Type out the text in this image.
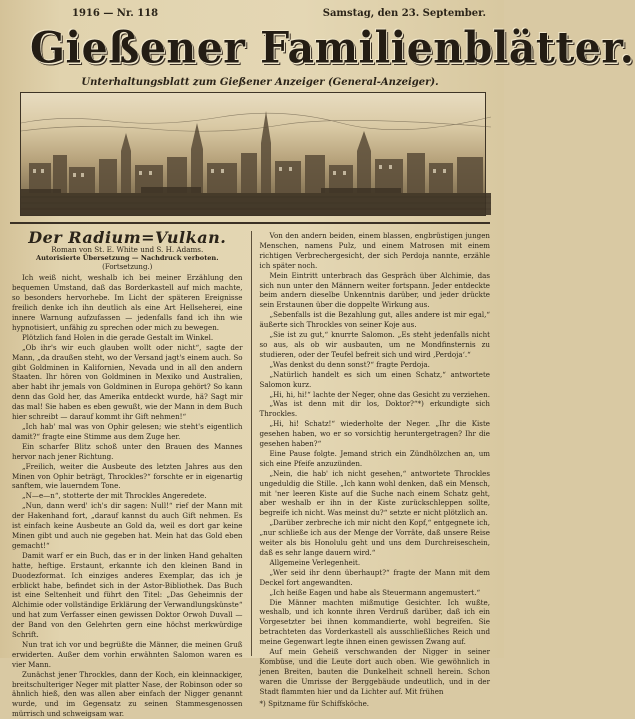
1916 — Nr. 118	Samstag, den 23. September.
Gießener Familienblätter.
Unterhaltungsblatt zum Gießener Anzeiger (General-Anzeiger).
Der Radium=Vulkan.
Roman von St. E. White und S. H. Adams.
Autorisierte Übersetzung — Nachdruck verboten.
(Fortsetzung.)

Ich weiß nicht, weshalb ich bei meiner Erzählung den bequemen Umstand, daß das Borderkastell auf mich machte, so besonders hervorhebe. Im Licht der späteren Ereignisse freilich denke ich ihn deutlich als eine Art Hellseherei, eine innere Warnung aufzufassen — jedenfalls fand ich ihn wie hypnotisiert, unfähig zu sprechen oder mich zu bewegen.

Plötzlich fand Holen in die gerade Gestalt im Winkel.

„Ob ihr's wir euch glauben wollt oder nicht“, sagte der Mann, „da draußen steht, wo der Versand jagt's einem auch. So gibt Goldminen in Kalifornien, Nevada und in all den andern Staaten. Ihr hören von Goldminen in Mexiko und Australien, aber habt ihr jemals von Goldminen in Europa gehört? So kann denn das Gold her, das Amerika entdeckt wurde, hä? Sagt mir das mal! Sie haben es eben gewußt, wie der Mann in dem Buch hier schreibt — darauf kommt ihr Gift nehmen!“

„Ich hab' mal was von Ophir gelesen; wie steht's eigentlich damit?“ fragte eine Stimme aus dem Zuge her.

Ein scharfer Blitz schoß unter den Brauen des Mannes hervor nach jener Richtung.

„Freilich, weiter die Ausbeute des letzten Jahres aus den Minen von Ophir beträgt, Throckles?“ forschte er in eigenartig sanftem, wie lauerndem Tone.

„N—e—n“, stotterte der mit Throckles Angeredete.

„Nun, dann werd' ich's dir sagen: Null!“ rief der Mann mit der Hakenhand fort, „darauf kannst du auch Gift nehmen. Es ist einfach keine Ausbeute an Gold da, weil es dort gar keine Minen gibt und auch nie gegeben hat. Mein hat das Gold eben gemacht!“

Damit warf er ein Buch, das er in der linken Hand gehalten hatte, heftige. Erstaunt, erkannte ich den kleinen Band in Duodezformat. Ich einziges anderes Exemplar, das ich je erblickt habe, befindet sich in der Astor-Bibliothek. Das Buch ist eine Seltenheit und führt den Titel: „Das Geheimnis der Alchimie oder vollständige Erklärung der Verwandlungskünste“ und hat zum Verfasser einen gewissen Doktor Orwoh Duvall — der Band von den Gelehrten gern eine höchst merkwürdige Schrift.

Nun trat ich vor und begrüßte die Männer, die meinen Gruß erwiderten. Außer dem vorhin erwähnten Salomon waren es vier Mann.

Zunächst jener Throckles, dann der Koch, ein kleinnackiger, breitschulteriger Neger mit platter Nase, der Robinson oder so ähnlich hieß, den was allen aber einfach der Nigger genannt wurde, und im Gegensatz zu seinen Stammesgenossen mürrisch und schweigsam war.

Von den andern beiden, einem blassen, engbrüstigen jungen Menschen, namens Pulz, und einem Matrosen mit einem richtigen Verbrechergesicht, der sich Perdoja nannte, erzähle ich später noch.

Mein Eintritt unterbrach das Gespräch über Alchimie, das sich nun unter den Männern weiter fortspann. Jeder entdeckte beim andern dieselbe Unkenntnis darüber, und jeder drückte sein Erstaunen über die doppelte Wirkung aus.

„Sebenfalls ist die Bezahlung gut, alles andere ist mir egal,“ äußerte sich Throckles von seiner Koje aus.

„Sie ist zu gut,“ knurrte Salomon. „Es steht jedenfalls nicht so aus, als ob wir ausbauten, um ne Mondfinsternis zu studieren, oder der Teufel befreit sich und wird ‚Perdoja‘.“

„Was denkst du denn sonst?“ fragte Perdoja.

„Natürlich handelt es sich um einen Schatz,“ antwortete Salomon kurz.

„Hi, hi, hi!“ lachte der Neger, ohne das Gesicht zu verziehen.

„Was ist denn mit dir los, Doktor?“*) erkundigte sich Throckles.

„Hi, hi! Schatz!“ wiederholte der Neger. „Ihr die Kiste gesehen haben, wo er so vorsichtig heruntergetragen? Ihr die gesehen haben?“

Eine Pause folgte. Jemand strich ein Zündhölzchen an, um sich eine Pfeife anzuzünden.

„Nein, die hab' ich nicht gesehen,“ antwortete Throckles ungeduldig die Stille. „Ich kann wohl denken, daß ein Mensch, mit 'ner leeren Kiste auf die Suche nach einem Schatz geht, aber weshalb er ihn in der Kiste zurückschleppen sollte, begreife ich nicht. Was meinst du?“ setzte er nicht plötzlich an.

„Darüber zerbreche ich mir nicht den Kopf,“ entgegnete ich, „nur schließe ich aus der Menge der Vorräte, daß unsere Reise weiter als bis Honolulu geht und uns dem Durchreiseschein, daß es sehr lange dauern wird.“

Allgemeine Verlegenheit.

„Wer seid ihr denn überhaupt?“ fragte der Mann mit dem Deckel fort angewandten.

„Ich heiße Eagen und habe als Steuermann angemustert.“

Die Männer machten mißmutige Gesichter. Ich wußte, weshalb, und ich konnte ihren Verdruß darüber, daß ich ein Vorgesetzter bei ihnen kommandierte, wohl begreifen. Sie betrachteten das Vorderkastell als ausschließliches Reich und meine Gegenwart legte ihnen einen gewissen Zwang auf.

Auf mein Geheiß verschwanden der Nigger in seiner Kombüse, und die Leute dort auch oben. Wie gewöhnlich in jenen Breiten, bauten die Dunkelheit schnell herein. Schon waren die Umrisse der Berggebäude undeutlich, und in der Stadt flammten hier und da Lichter auf. Mit frühen

*) Spitzname für Schiffsköche.
